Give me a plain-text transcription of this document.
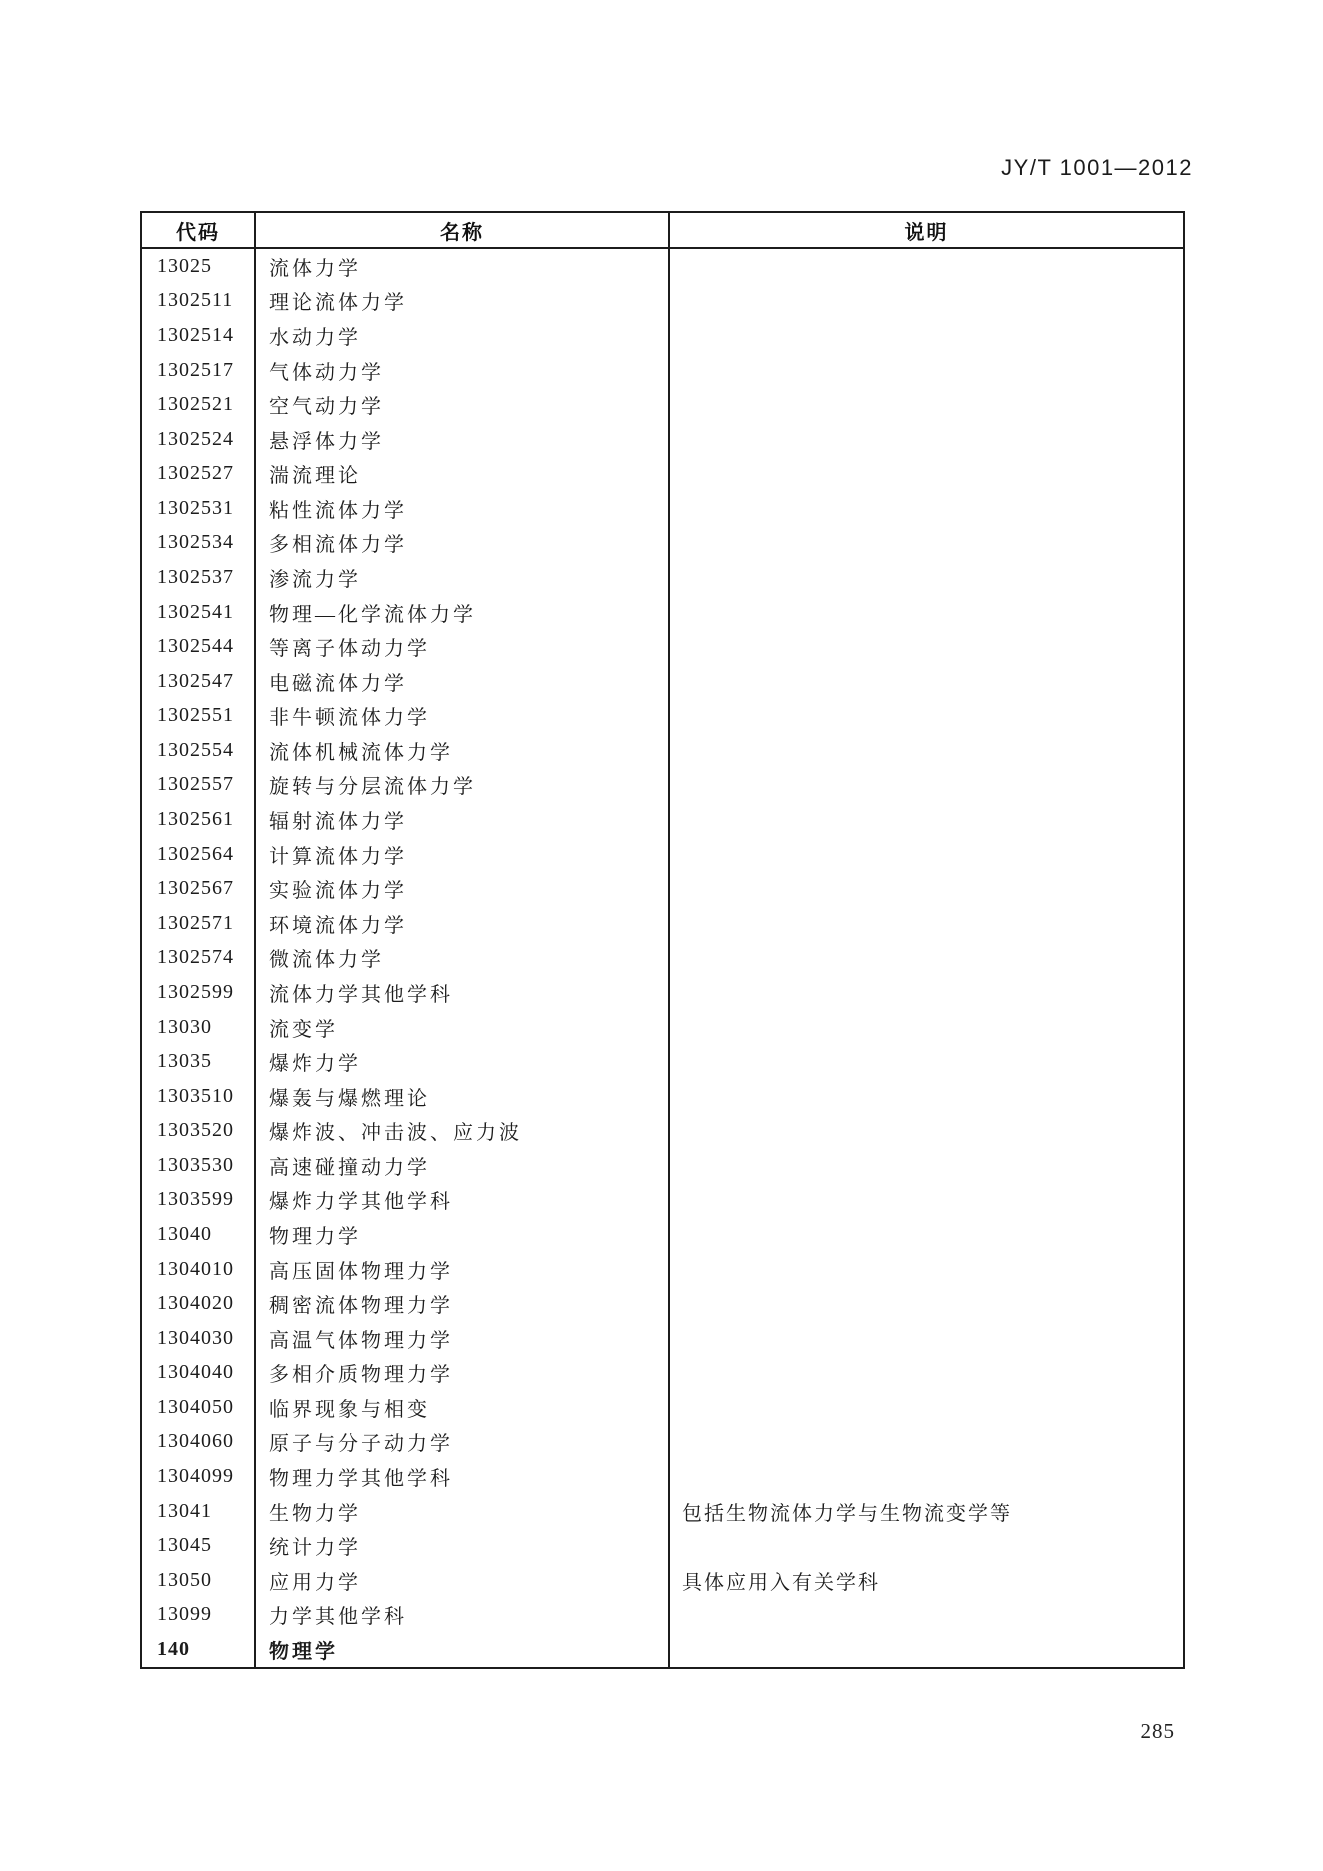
JY/T 1001—2012
代码	名称	说明
13025	流体力学
1302511	理论流体力学
1302514	水动力学
1302517	气体动力学
1302521	空气动力学
1302524	悬浮体力学
1302527	湍流理论
1302531	粘性流体力学
1302534	多相流体力学
1302537	渗流力学
1302541	物理—化学流体力学
1302544	等离子体动力学
1302547	电磁流体力学
1302551	非牛顿流体力学
1302554	流体机械流体力学
1302557	旋转与分层流体力学
1302561	辐射流体力学
1302564	计算流体力学
1302567	实验流体力学
1302571	环境流体力学
1302574	微流体力学
1302599	流体力学其他学科
13030	流变学
13035	爆炸力学
1303510	爆轰与爆燃理论
1303520	爆炸波、冲击波、应力波
1303530	高速碰撞动力学
1303599	爆炸力学其他学科
13040	物理力学
1304010	高压固体物理力学
1304020	稠密流体物理力学
1304030	高温气体物理力学
1304040	多相介质物理力学
1304050	临界现象与相变
1304060	原子与分子动力学
1304099	物理力学其他学科
13041	生物力学	包括生物流体力学与生物流变学等
13045	统计力学
13050	应用力学	具体应用入有关学科
13099	力学其他学科
140	物理学
285
